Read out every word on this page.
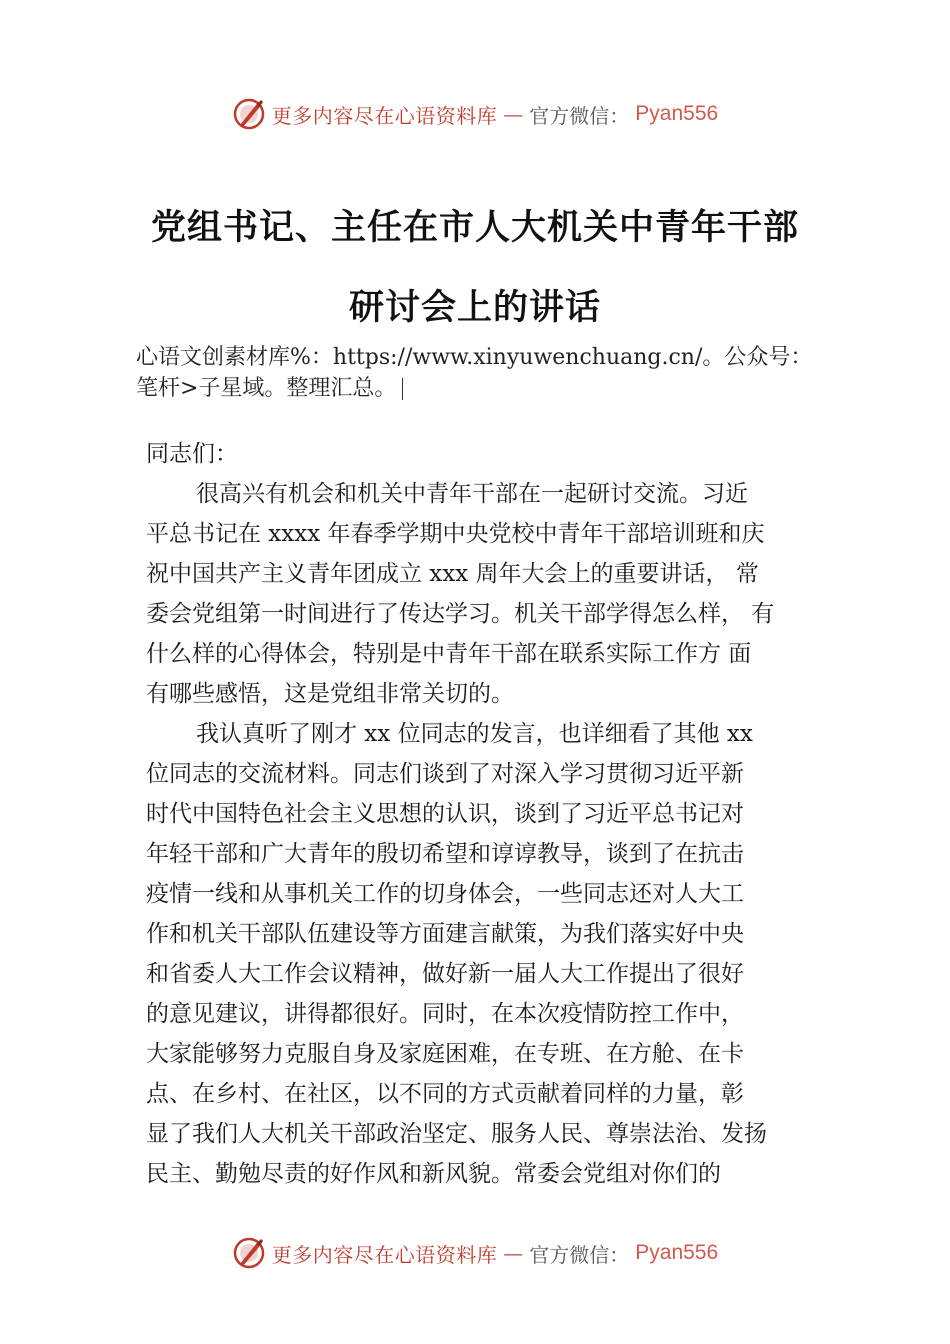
更多内容尽在心语资料库 — 官方微信： Pyan556
党组书记、主任在市人大机关中青年干部
研讨会上的讲话
心语文创素材库%：https://www.xinyuwenchuang.cn/。公众号：
笔杆>子星域。整理汇总。
同志们：
很高兴有机会和机关中青年干部在一起研讨交流。习近
平总书记在 xxxx 年春季学期中央党校中青年干部培训班和庆
祝中国共产主义青年团成立 xxx 周年大会上的重要讲话， 常
委会党组第一时间进行了传达学习。机关干部学得怎么样， 有
什么样的心得体会，特别是中青年干部在联系实际工作方 面
有哪些感悟，这是党组非常关切的。
我认真听了刚才 xx 位同志的发言，也详细看了其他 xx
位同志的交流材料。同志们谈到了对深入学习贯彻习近平新
时代中国特色社会主义思想的认识，谈到了习近平总书记对
年轻干部和广大青年的殷切希望和谆谆教导，谈到了在抗击
疫情一线和从事机关工作的切身体会，一些同志还对人大工
作和机关干部队伍建设等方面建言献策，为我们落实好中央
和省委人大工作会议精神，做好新一届人大工作提出了很好
的意见建议，讲得都很好。同时，在本次疫情防控工作中，
大家能够努力克服自身及家庭困难，在专班、在方舱、在卡
点、在乡村、在社区，以不同的方式贡献着同样的力量，彰
显了我们人大机关干部政治坚定、服务人民、尊崇法治、发扬
民主、勤勉尽责的好作风和新风貌。常委会党组对你们的
更多内容尽在心语资料库 — 官方微信： Pyan556
